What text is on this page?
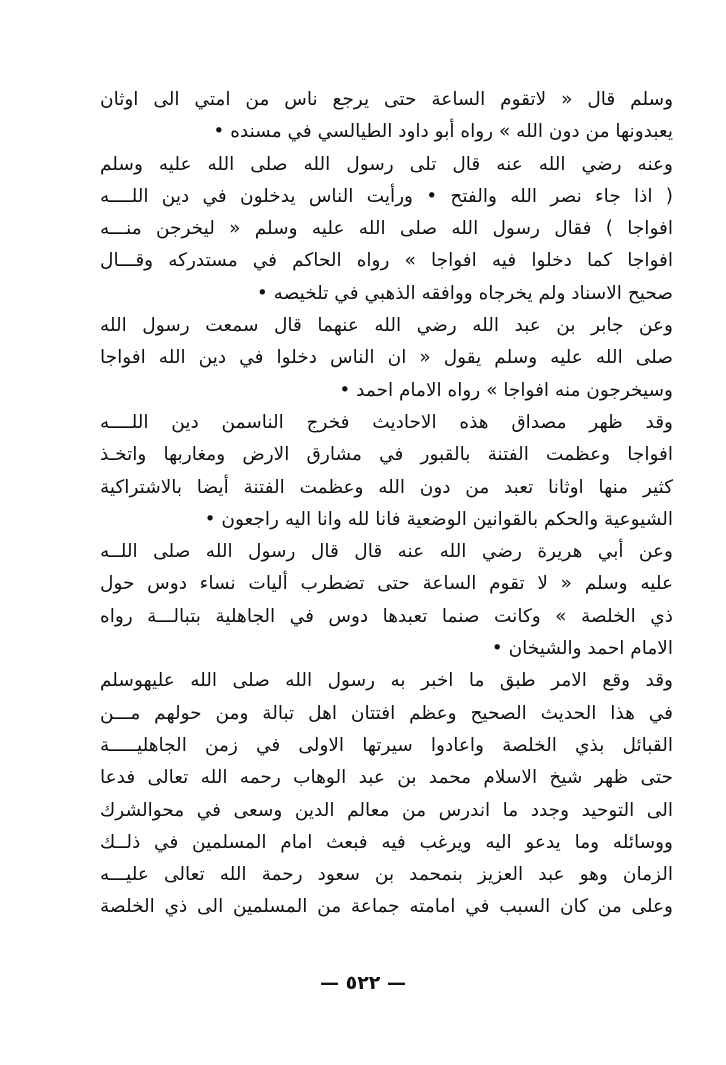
وسلم قال « لاتقوم الساعة حتى يرجع ناس من امتي الى اوثان
يعبدونها من دون الله » رواه أبو داود الطيالسي في مسنده •
وعنه رضي الله عنه قال تلى رسول الله صلى الله عليه وسلم
( اذا جاء نصر الله والفتح • ورأيت الناس يدخلون في دين اللــــه
افواجا ) فقال رسول الله صلى الله عليه وسلم « ليخرجن منـــه
افواجا كما دخلوا فيه افواجا » رواه الحاكم في مستدركه وقـــال
صحيح الاسناد ولم يخرجاه ووافقه الذهبي في تلخيصه •
وعن جابر بن عبد الله رضي الله عنهما قال سمعت رسول الله
صلى الله عليه وسلم يقول « ان الناس دخلوا في دين الله افواجا
وسيخرجون منه افواجا » رواه الامام احمد •
وقد ظهر مصداق هذه الاحاديث فخرج الناسمن دين اللــــه
افواجا وعظمت الفتنة بالقبور في مشارق الارض ومغاربها واتخـذ
كثير منها اوثانا تعبد من دون الله وعظمت الفتنة أيضا بالاشتراكية
الشيوعية والحكم بالقوانين الوضعية فانا لله وانا اليه راجعون •
وعن أبي هريرة رضي الله عنه قال قال رسول الله صلى اللــه
عليه وسلم « لا تقوم الساعة حتى تضطرب أليات نساء دوس حول
ذي الخلصة » وكانت صنما تعبدها دوس في الجاهلية بتبالـــة رواه
الامام احمد والشيخان •
وقد وقع الامر طبق ما اخبر به رسول الله صلى الله عليهوسلم
في هذا الحديث الصحيح وعظم افتتان اهل تبالة ومن حولهم مـــن
القبائل بذي الخلصة واعادوا سيرتها الاولى في زمن الجاهليـــــة
حتى ظهر شيخ الاسلام محمد بن عبد الوهاب رحمه الله تعالى فدعا
الى التوحيد وجدد ما اندرس من معالم الدين وسعى في محوالشرك
ووسائله وما يدعو اليه ويرغب فيه فبعث امام المسلمين في ذلــك
الزمان وهو عبد العزيز بنمحمد بن سعود رحمة الله تعالى عليـــه
وعلى من كان السبب في امامته جماعة من المسلمين الى ذي الخلصة
— ٥٢٢ —
